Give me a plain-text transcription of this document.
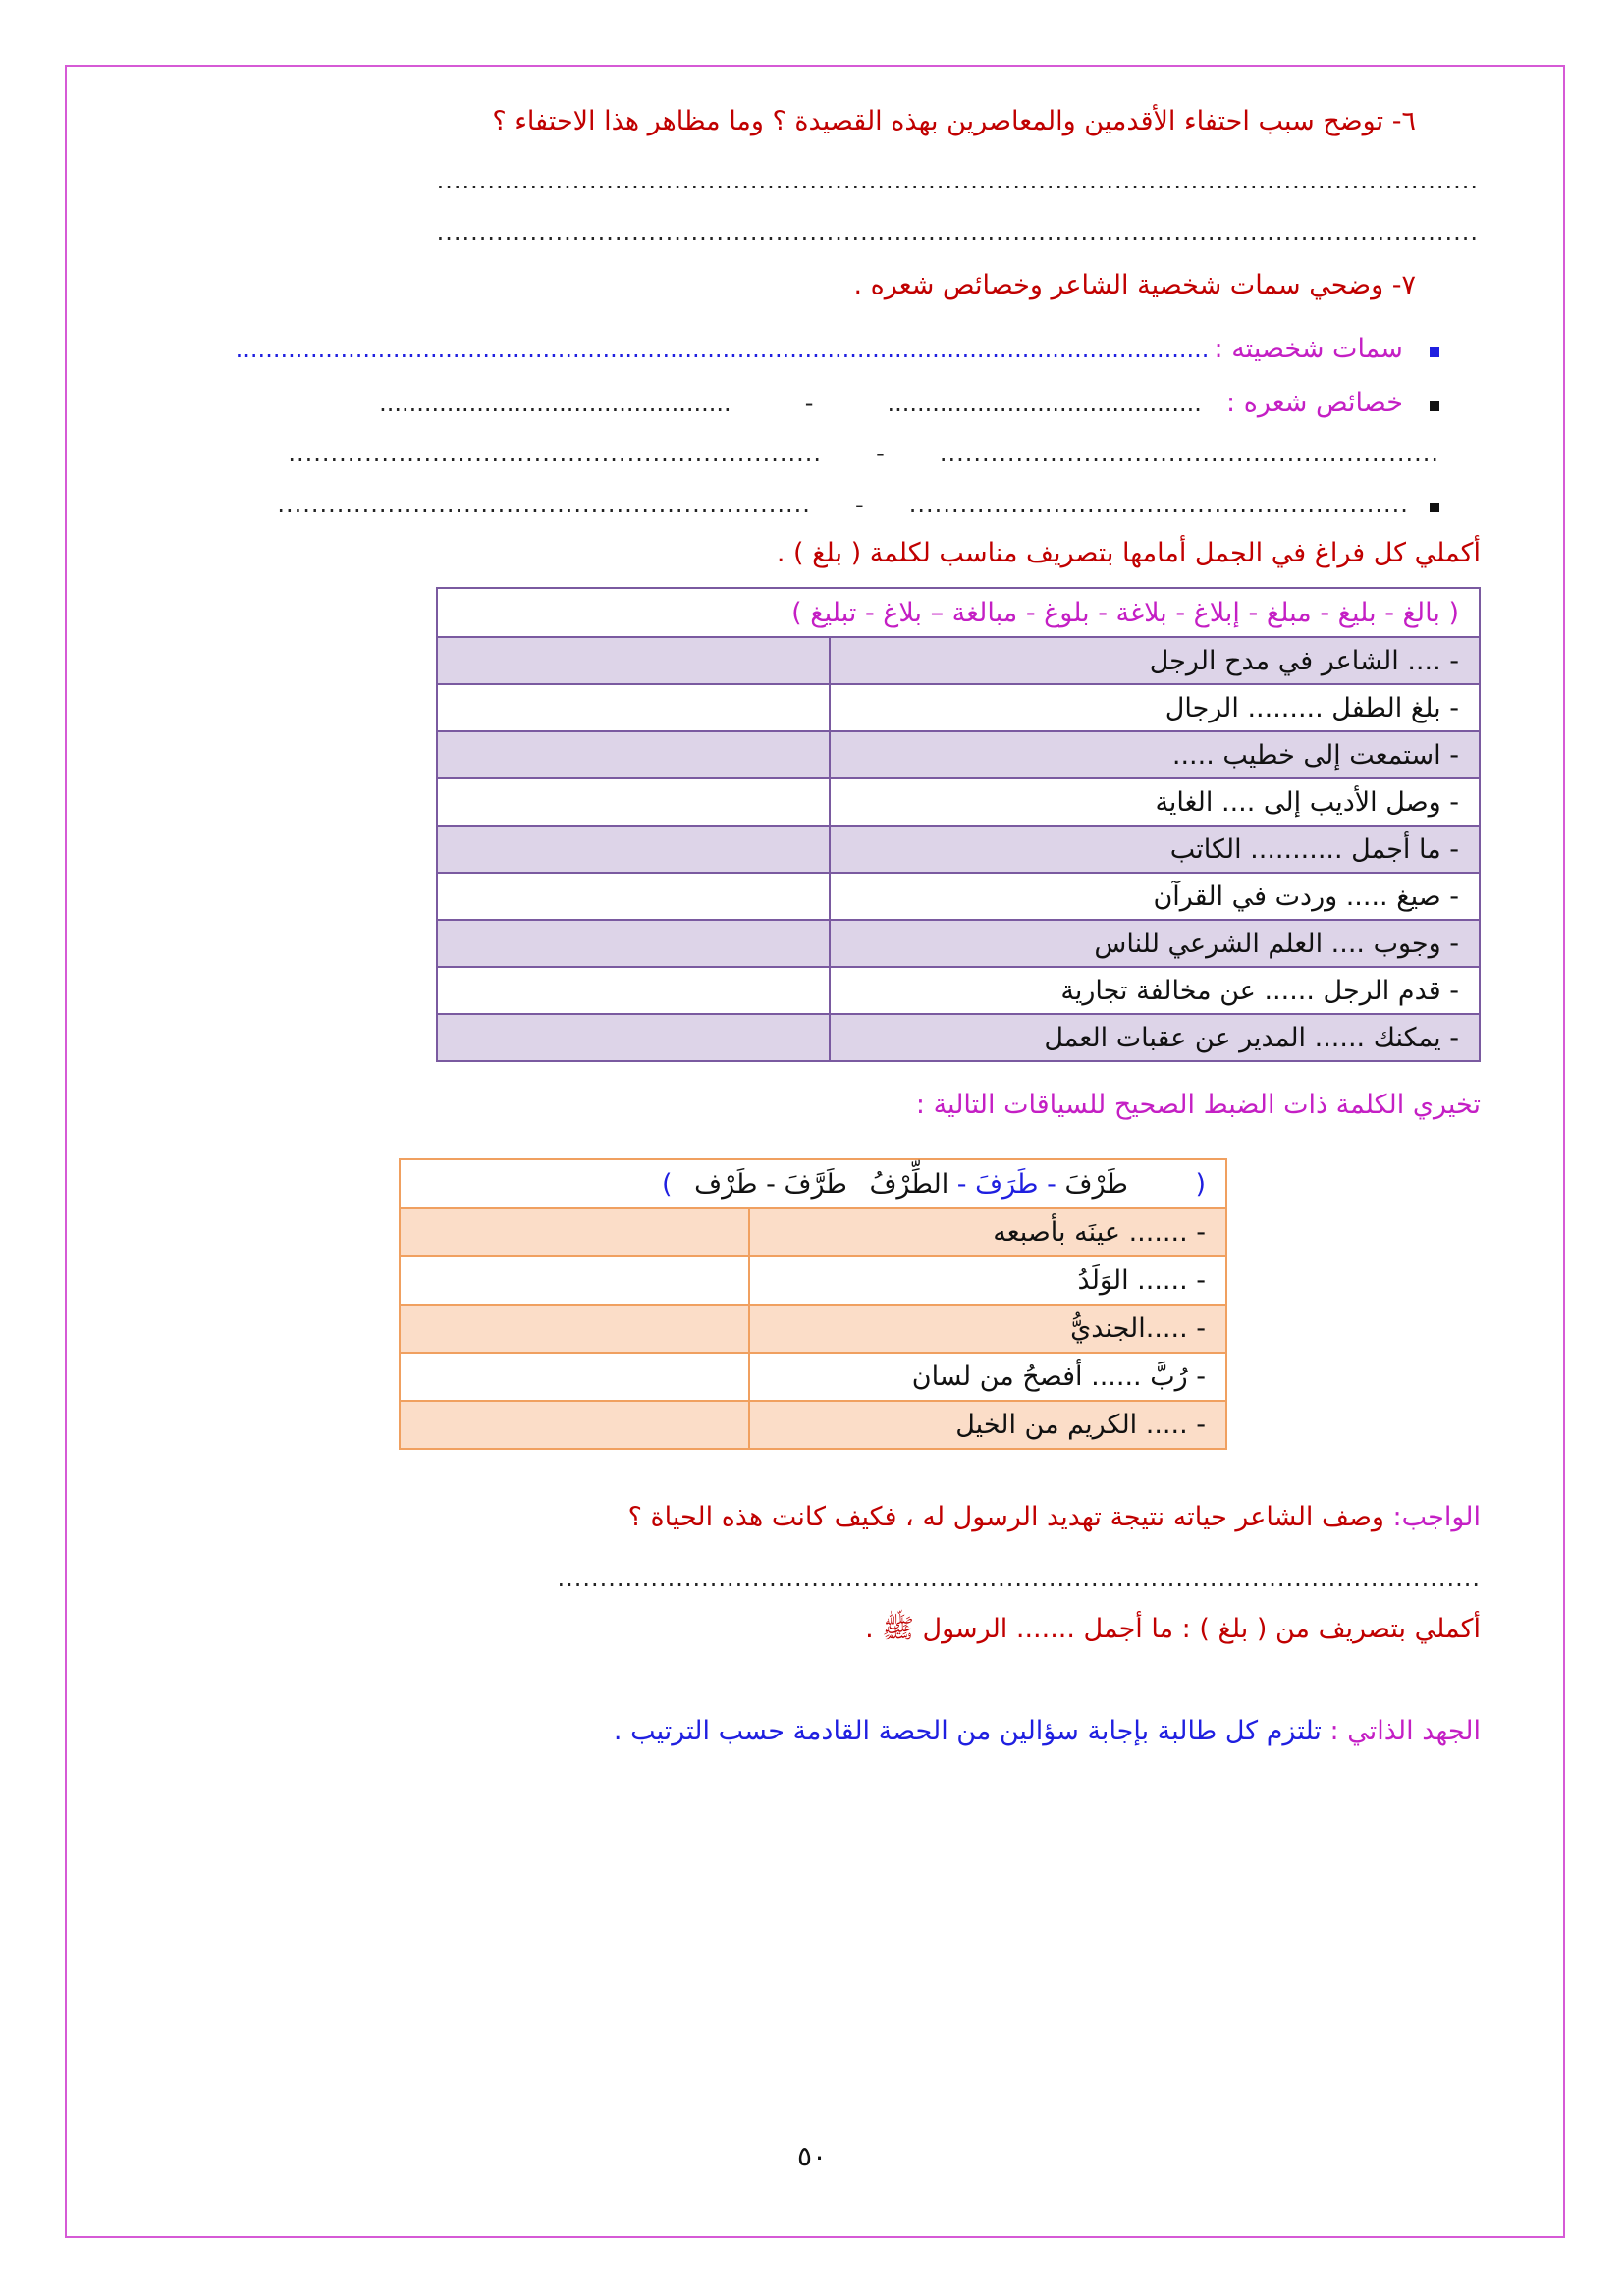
٦- توضح سبب احتفاء الأقدمين والمعاصرين بهذه القصيدة ؟ وما مظاهر هذا الاحتفاء ؟
...........................................................................................................................
...........................................................................................................................
٧- وضحي سمات شخصية الشاعر وخصائص شعره .
سمات شخصيته : ..................................................................................................................................
خصائص شعره : .......................................... - ...............................................
........................................................... - ...............................................................
........................................................... - ...............................................................
أكملي كل فراغ في الجمل أمامها بتصريف مناسب لكلمة ( بلغ ) .
( بالغ - بليغ - مبلغ - إبلاغ - بلاغة - بلوغ - مبالغة – بلاغ - تبليغ )	
- .... الشاعر في مدح الرجل	
- بلغ الطفل ......... الرجال	
- استمعت إلى خطيب .....	
- وصل الأديب إلى .... الغاية	
- ما أجمل ........... الكاتب	
- صيغ ..... وردت في القرآن	
- وجوب .... العلم الشرعي للناس	
- قدم الرجل ...... عن مخالفة تجارية	
- يمكنك ...... المدير عن عقبات العمل	
تخيري الكلمة ذات الضبط الصحيح للسياقات التالية :
( طَرْفَ - طَرَفَ - الطِّرْفُ طَرَّفَ - طَرْف )	
- ....... عينَه بأصبعه	
- ...... الوَلَدُ	
- .....الجنديُّ	
- رُبَّ ...... أفصحُ من لسان	
- ..... الكريم من الخيل	
الواجب: وصف الشاعر حياته نتيجة تهديد الرسول له ، فكيف كانت هذه الحياة ؟
.............................................................................................................
أكملي بتصريف من ( بلغ ) : ما أجمل ....... الرسول ﷺ .
الجهد الذاتي : تلتزم كل طالبة بإجابة سؤالين من الحصة القادمة حسب الترتيب .
٥٠
